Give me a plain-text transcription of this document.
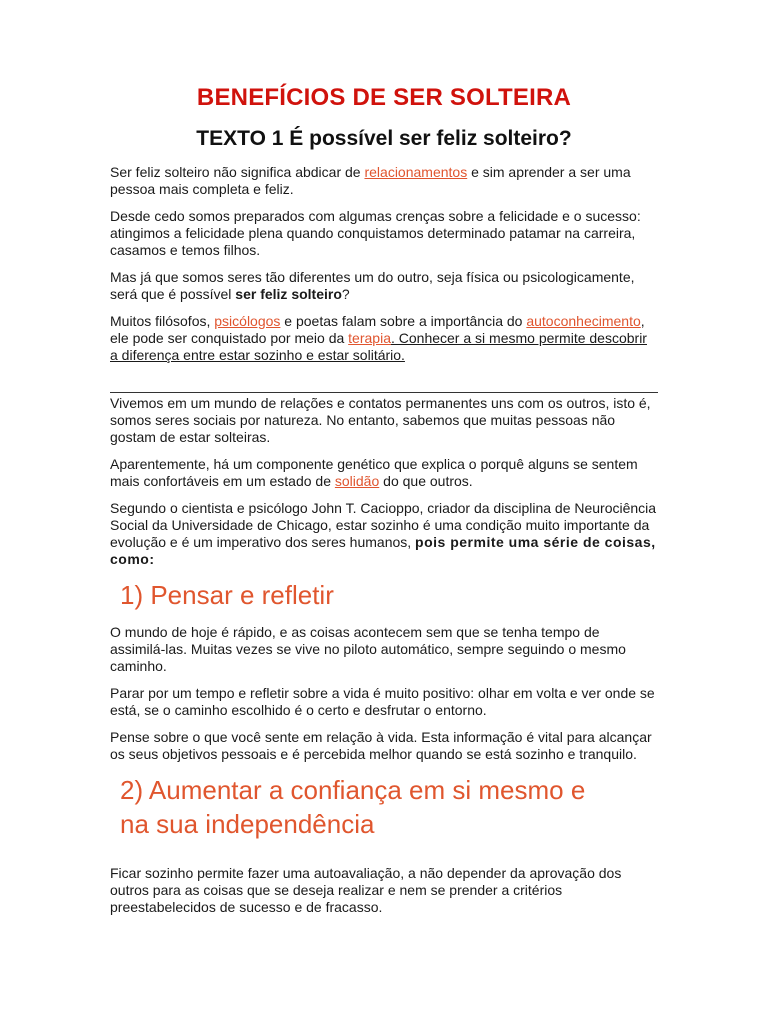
BENEFÍCIOS DE SER SOLTEIRA
TEXTO 1 É possível ser feliz solteiro?

Ser feliz solteiro não significa abdicar de relacionamentos e sim aprender a ser uma pessoa mais completa e feliz.

Desde cedo somos preparados com algumas crenças sobre a felicidade e o sucesso: atingimos a felicidade plena quando conquistamos determinado patamar na carreira, casamos e temos filhos.

Mas já que somos seres tão diferentes um do outro, seja física ou psicologicamente, será que é possível ser feliz solteiro?

Muitos filósofos, psicólogos e poetas falam sobre a importância do autoconhecimento, ele pode ser conquistado por meio da terapia. Conhecer a si mesmo permite descobrir a diferença entre estar sozinho e estar solitário.

Vivemos em um mundo de relações e contatos permanentes uns com os outros, isto é, somos seres sociais por natureza. No entanto, sabemos que muitas pessoas não gostam de estar solteiras.

Aparentemente, há um componente genético que explica o porquê alguns se sentem mais confortáveis em um estado de solidão do que outros.

Segundo o cientista e psicólogo John T. Cacioppo, criador da disciplina de Neurociência Social da Universidade de Chicago, estar sozinho é uma condição muito importante da evolução e é um imperativo dos seres humanos, pois permite uma série de coisas, como:

1) Pensar e refletir

O mundo de hoje é rápido, e as coisas acontecem sem que se tenha tempo de assimilá-las. Muitas vezes se vive no piloto automático, sempre seguindo o mesmo caminho.

Parar por um tempo e refletir sobre a vida é muito positivo: olhar em volta e ver onde se está, se o caminho escolhido é o certo e desfrutar o entorno.

Pense sobre o que você sente em relação à vida. Esta informação é vital para alcançar os seus objetivos pessoais e é percebida melhor quando se está sozinho e tranquilo.

2) Aumentar a confiança em si mesmo e na sua independência

Ficar sozinho permite fazer uma autoavaliação, a não depender da aprovação dos outros para as coisas que se deseja realizar e nem se prender a critérios preestabelecidos de sucesso e de fracasso.
